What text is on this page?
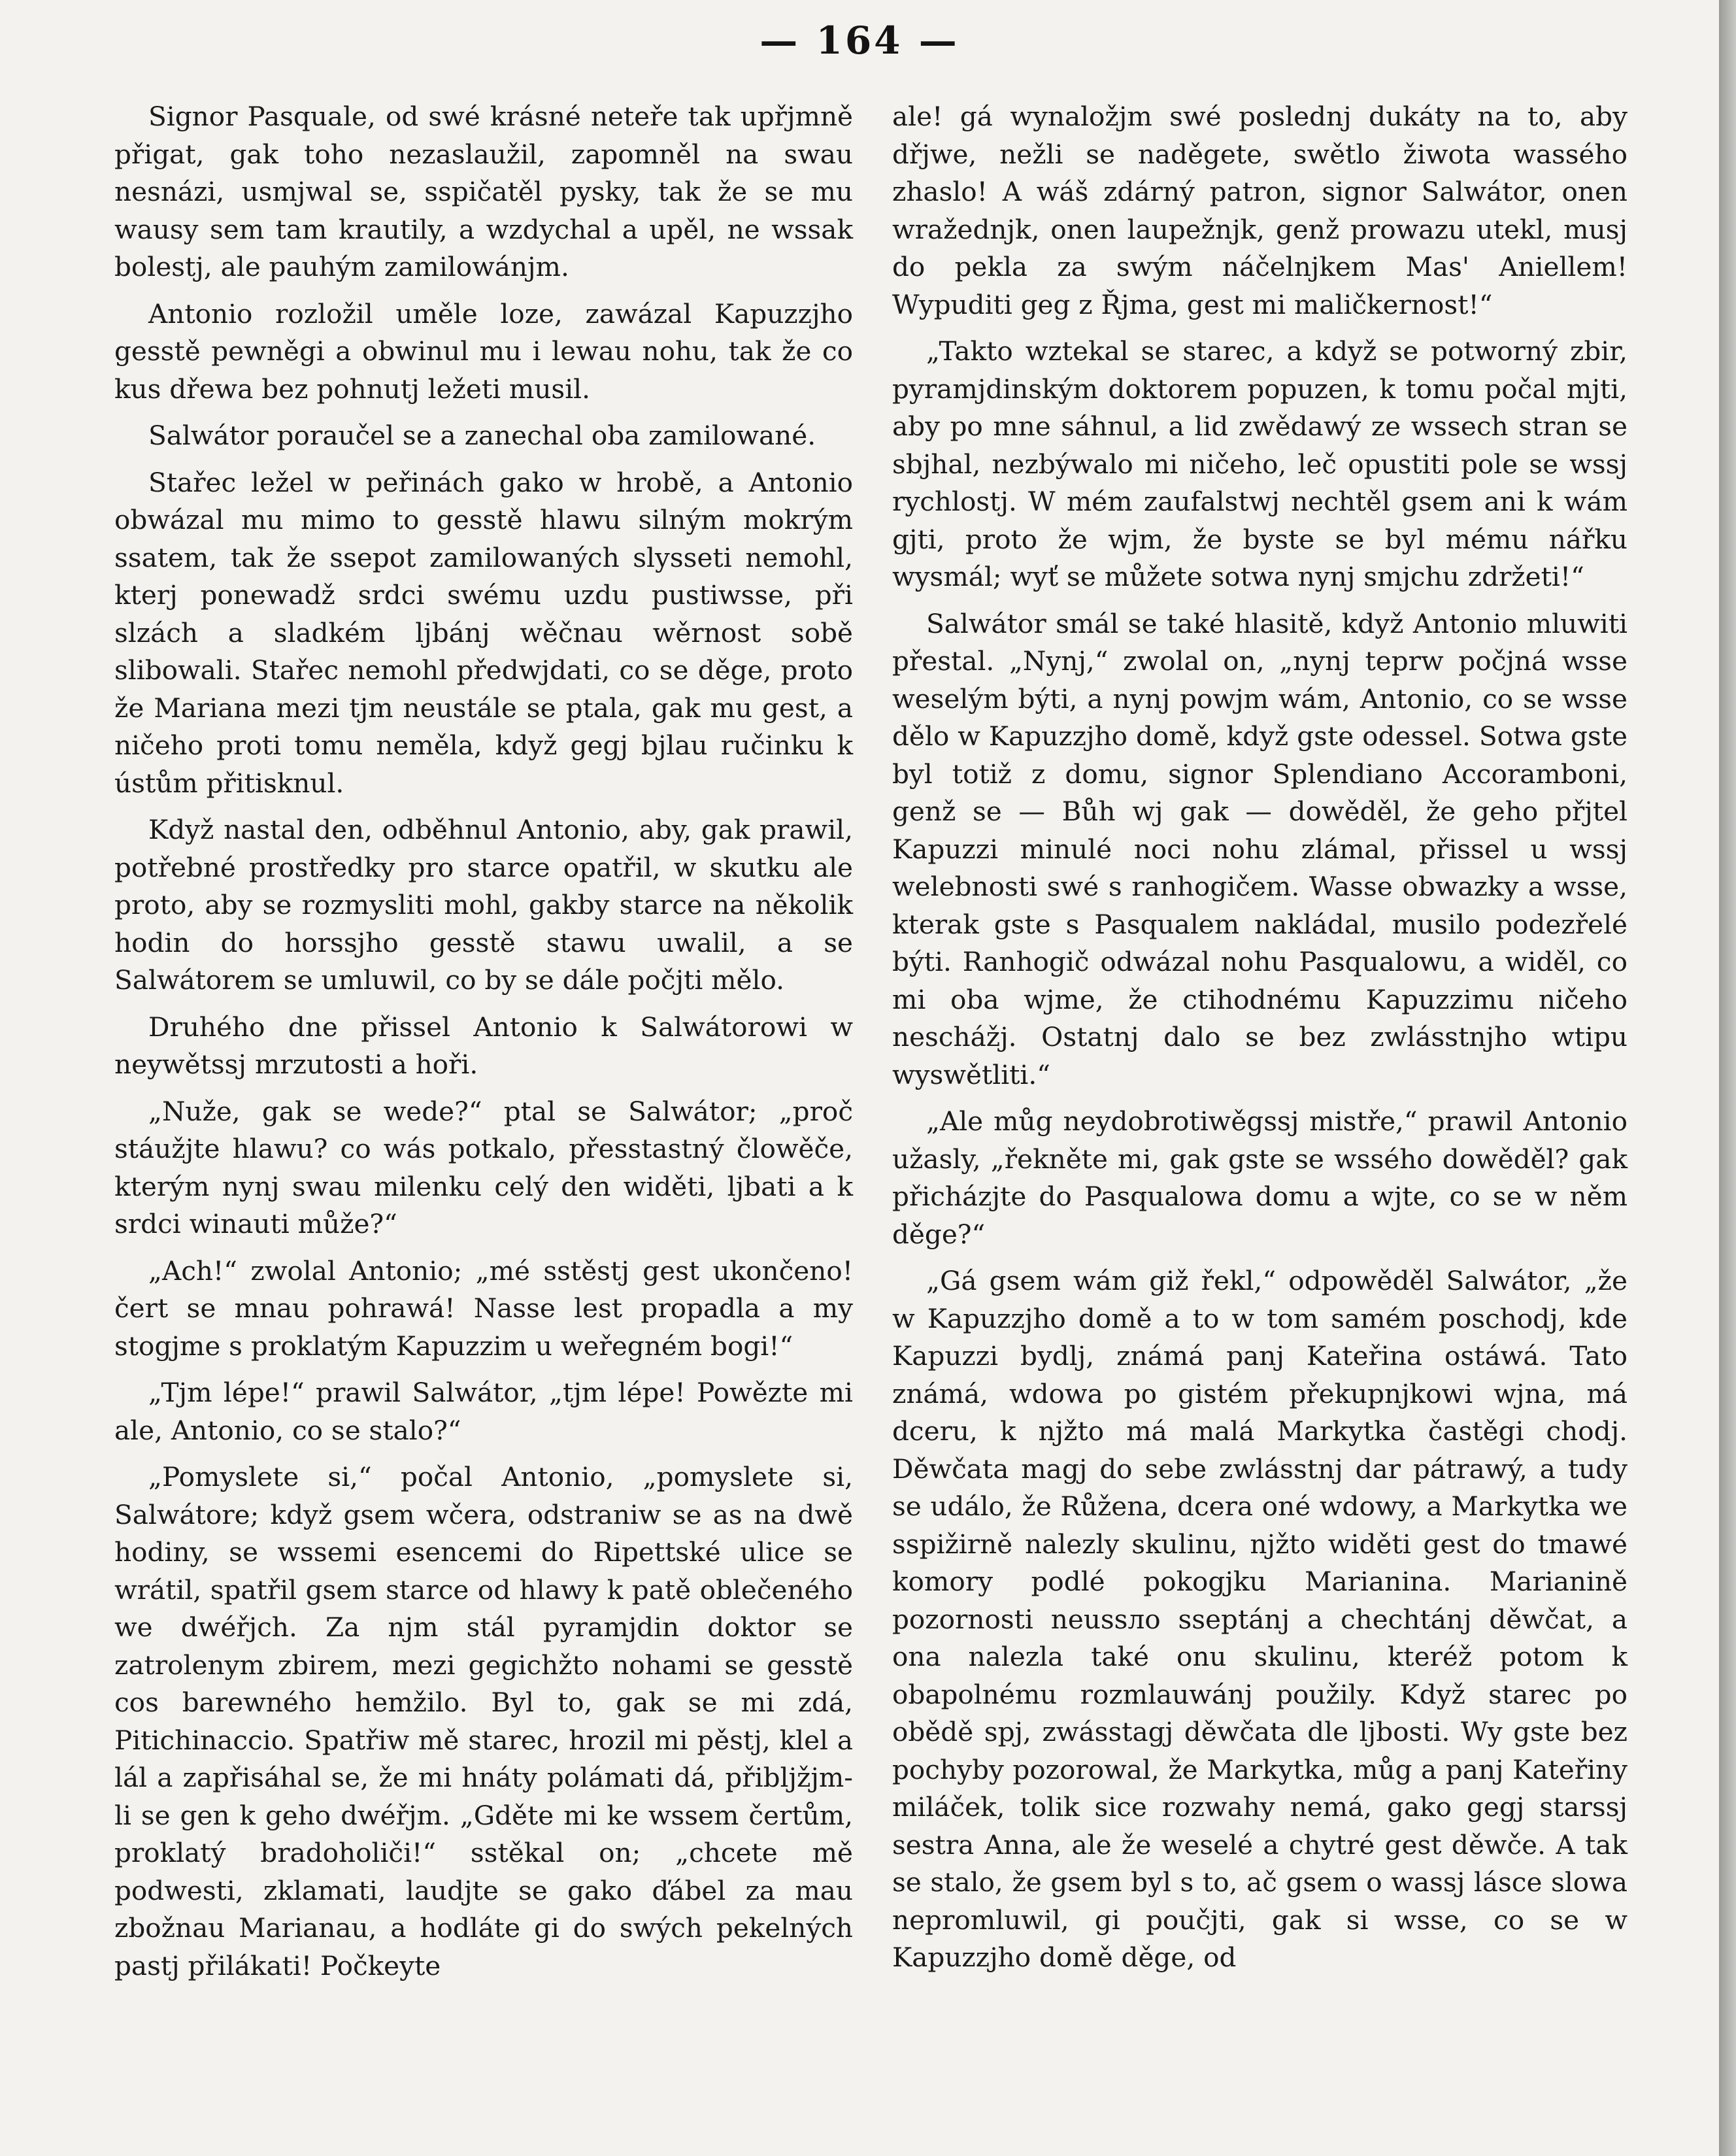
— 164 —

Signor Pasquale, od swé krásné neteře tak upřjmně přigat, gak toho nezaslaužil, zapomněl na swau nesnázi, usmjwal se, sspičatěl pysky, tak že se mu wausy sem tam krautily, a wzdychal a upěl, ne wssak bolestj, ale pauhým zamilowánjm.

Antonio rozložil uměle loze, zawázal Kapuzzjho gesstě pewněgi a obwinul mu i lewau nohu, tak že co kus dřewa bez pohnutj ležeti musil.

Salwátor poraučel se a zanechal oba zamilowané.

Stařec ležel w peřinách gako w hrobě, a Antonio obwázal mu mimo to gesstě hlawu silným mokrým ssatem, tak že ssepot zamilowaných slysseti nemohl, kterj ponewadž srdci swému uzdu pustiwsse, při slzách a sladkém ljbánj wěčnau wěrnost sobě slibowali. Stařec nemohl předwjdati, co se děge, proto že Mariana mezi tjm neustále se ptala, gak mu gest, a ničeho proti tomu neměla, když gegj bjlau ručinku k ústům přitisknul.

Když nastal den, odběhnul Antonio, aby, gak prawil, potřebné prostředky pro starce opatřil, w skutku ale proto, aby se rozmysliti mohl, gakby starce na několik hodin do horssjho gesstě stawu uwalil, a se Salwátorem se umluwil, co by se dále počjti mělo.

Druhého dne přissel Antonio k Salwátorowi w neywětssj mrzutosti a hoři.

„Nuže, gak se wede?“ ptal se Salwátor; „proč stáužjte hlawu? co wás potkalo, přesstastný člowěče, kterým nynj swau milenku celý den widěti, ljbati a k srdci winauti může?“

„Ach!“ zwolal Antonio; „mé sstěstj gest ukončeno! čert se mnau pohrawá! Nasse lest propadla a my stogjme s proklatým Kapuzzim u weřegném bogi!“

„Tjm lépe!“ prawil Salwátor, „tjm lépe! Powězte mi ale, Antonio, co se stalo?“

„Pomyslete si,“ počal Antonio, „pomyslete si, Salwátore; když gsem wčera, odstraniw se as na dwě hodiny, se wssemi esencemi do Ripettské ulice se wrátil, spatřil gsem starce od hlawy k patě oblečeného we dwéřjch. Za njm stál pyramjdin doktor se zatrolenym zbirem, mezi gegichžto nohami se gesstě cos barewného hemžilo. Byl to, gak se mi zdá, Pitichinaccio. Spatřiw mě starec, hrozil mi pěstj, klel a lál a zapřisáhal se, že mi hnáty polámati dá, přibljžjm-li se gen k geho dwéřjm. „Gděte mi ke wssem čertům, proklatý bradoholiči!“ sstěkal on; „chcete mě podwesti, zklamati, laudjte se gako ďábel za mau zbožnau Marianau, a hodláte gi do swých pekelných pastj přilákati! Počkeyte

ale! gá wynaložjm swé poslednj dukáty na to, aby dřjwe, nežli se naděgete, swětlo žiwota wassého zhaslo! A wáš zdárný patron, signor Salwátor, onen wražednjk, onen laupežnjk, genž prowazu utekl, musj do pekla za swým náčelnjkem Mas' Aniellem! Wypuditi geg z Řjma, gest mi maličkernost!“

„Takto wztekal se starec, a když se potworný zbir, pyramjdinským doktorem popuzen, k tomu počal mjti, aby po mne sáhnul, a lid zwědawý ze wssech stran se sbjhal, nezbýwalo mi ničeho, leč opustiti pole se wssj rychlostj. W mém zaufalstwj nechtěl gsem ani k wám gjti, proto že wjm, že byste se byl mému nářku wysmál; wyť se můžete sotwa nynj smjchu zdržeti!“

Salwátor smál se také hlasitě, když Antonio mluwiti přestal. „Nynj,“ zwolal on, „nynj teprw počjná wsse weselým býti, a nynj powjm wám, Antonio, co se wsse dělo w Kapuzzjho domě, když gste odessel. Sotwa gste byl totiž z domu, signor Splendiano Accoramboni, genž se — Bůh wj gak — dowěděl, že geho přjtel Kapuzzi minulé noci nohu zlámal, přissel u wssj welebnosti swé s ranhogičem. Wasse obwazky a wsse, kterak gste s Pasqualem nakládal, musilo podezřelé býti. Ranhogič odwázal nohu Pasqualowu, a widěl, co mi oba wjme, že ctihodnému Kapuzzimu ničeho neschážj. Ostatnj dalo se bez zwlásstnjho wtipu wyswětliti.“

„Ale můg neydobrotiwěgssj mistře,“ prawil Antonio užasly, „řekněte mi, gak gste se wssého dowěděl? gak přicházjte do Pasqualowa domu a wjte, co se w něm děge?“

„Gá gsem wám giž řekl,“ odpowěděl Salwátor, „že w Kapuzzjho domě a to w tom samém poschodj, kde Kapuzzi bydlj, známá panj Kateřina ostáwá. Tato známá, wdowa po gistém překupnjkowi wjna, má dceru, k njžto má malá Markytka častěgi chodj. Děwčata magj do sebe zwlásstnj dar pátrawý, a tudy se událo, že Růžena, dcera oné wdowy, a Markytka we sspižirně nalezly skulinu, njžto widěti gest do tmawé komory podlé pokogjku Marianina. Marianině pozornosti neussло sseptánj a chechtánj děwčat, a ona nalezla také onu skulinu, kteréž potom k obapolnému rozmlauwánj použily. Když starec po obědě spj, zwásstagj děwčata dle ljbosti. Wy gste bez pochyby pozorowal, že Markytka, můg a panj Kateřiny miláček, tolik sice rozwahy nemá, gako gegj starssj sestra Anna, ale že weselé a chytré gest děwče. A tak se stalo, že gsem byl s to, ač gsem o wassj lásce slowa nepromluwil, gi poučjti, gak si wsse, co se w Kapuzzjho domě děge, od
